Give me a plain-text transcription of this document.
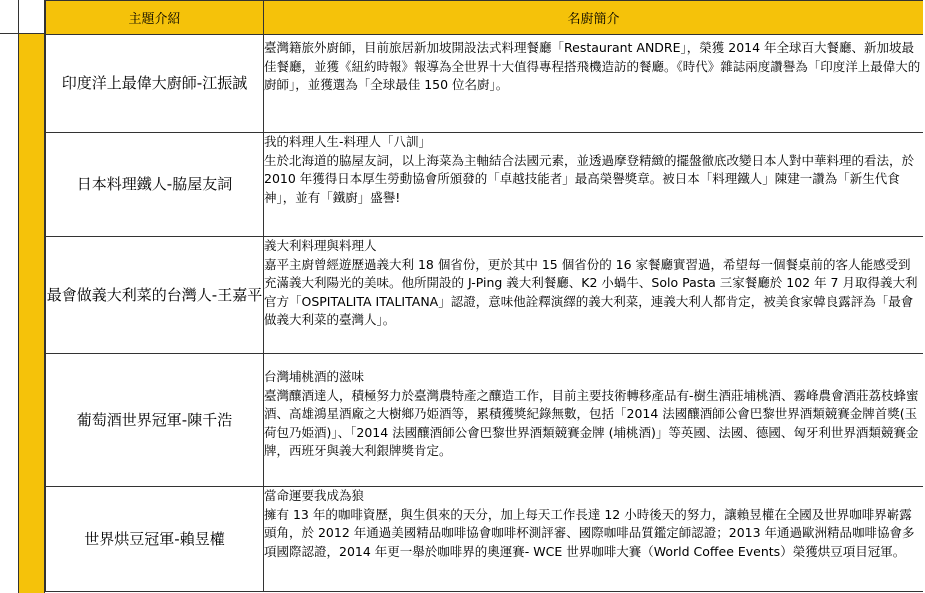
主題介紹	名廚簡介
印度洋上最偉大廚師-江振誠	臺灣籍旅外廚師，目前旅居新加坡開設法式料理餐廳「Restaurant ANDRE」，榮獲 2014 年全球百大餐廳、新加坡最佳餐廳，並獲《紐約時報》報導為全世界十大值得專程搭飛機造訪的餐廳。《時代》雜誌兩度讚譽為「印度洋上最偉大的廚師」，並獲選為「全球最佳 150 位名廚」。

日本料理鐵人-脇屋友詞	我的料理人生-料理人「八訓」
生於北海道的脇屋友詞，以上海菜為主軸結合法國元素，並透過摩登精緻的擺盤徹底改變日本人對中華料理的看法，於 2010 年獲得日本厚生勞動協會所頒發的「卓越技能者」最高榮譽獎章。被日本「料理鐵人」陳建一讚為「新生代食神」，並有「鐵廚」盛譽!

最會做義大利菜的台灣人-王嘉平	義大利料理與料理人
嘉平主廚曾經遊歷過義大利 18 個省份，更於其中 15 個省份的 16 家餐廳實習過，希望每一個餐桌前的客人能感受到充滿義大利陽光的美味。他所開設的 J-Ping 義大利餐廳、K2 小蝸牛、Solo Pasta 三家餐廳於 102 年 7 月取得義大利官方「OSPITALITA ITALITANA」認證，意味他詮釋演繹的義大利菜，連義大利人都肯定，被美食家韓良露評為「最會做義大利菜的臺灣人」。

葡萄酒世界冠軍-陳千浩	台灣埔桃酒的滋味
臺灣釀酒達人，積極努力於臺灣農特產之釀造工作，目前主要技術轉移產品有-樹生酒莊埔桃酒、霧峰農會酒莊荔枝蜂蜜酒、高雄鴻星酒廠之大樹鄉乃姫酒等，累積獲獎紀錄無數，包括「2014 法國釀酒師公會巴黎世界酒類競賽金牌首獎(玉荷包乃姫酒)」、「2014 法國釀酒師公會巴黎世界酒類競賽金牌 (埔桃酒)」等英國、法國、德國、匈牙利世界酒類競賽金牌，西班牙與義大利銀牌獎肯定。

世界烘豆冠軍-賴昱權	當命運要我成為狼
擁有 13 年的咖啡資歷，與生俱來的天分，加上每天工作長達 12 小時後天的努力，讓賴昱權在全國及世界咖啡界嶄露頭角，於 2012 年通過美國精品咖啡協會咖啡杯測評審、國際咖啡品質鑑定師認證；2013 年通過歐洲精品咖啡協會多項國際認證，2014 年更一舉於咖啡界的奧運賽- WCE 世界咖啡大賽（World Coffee Events）榮獲烘豆項目冠軍。
